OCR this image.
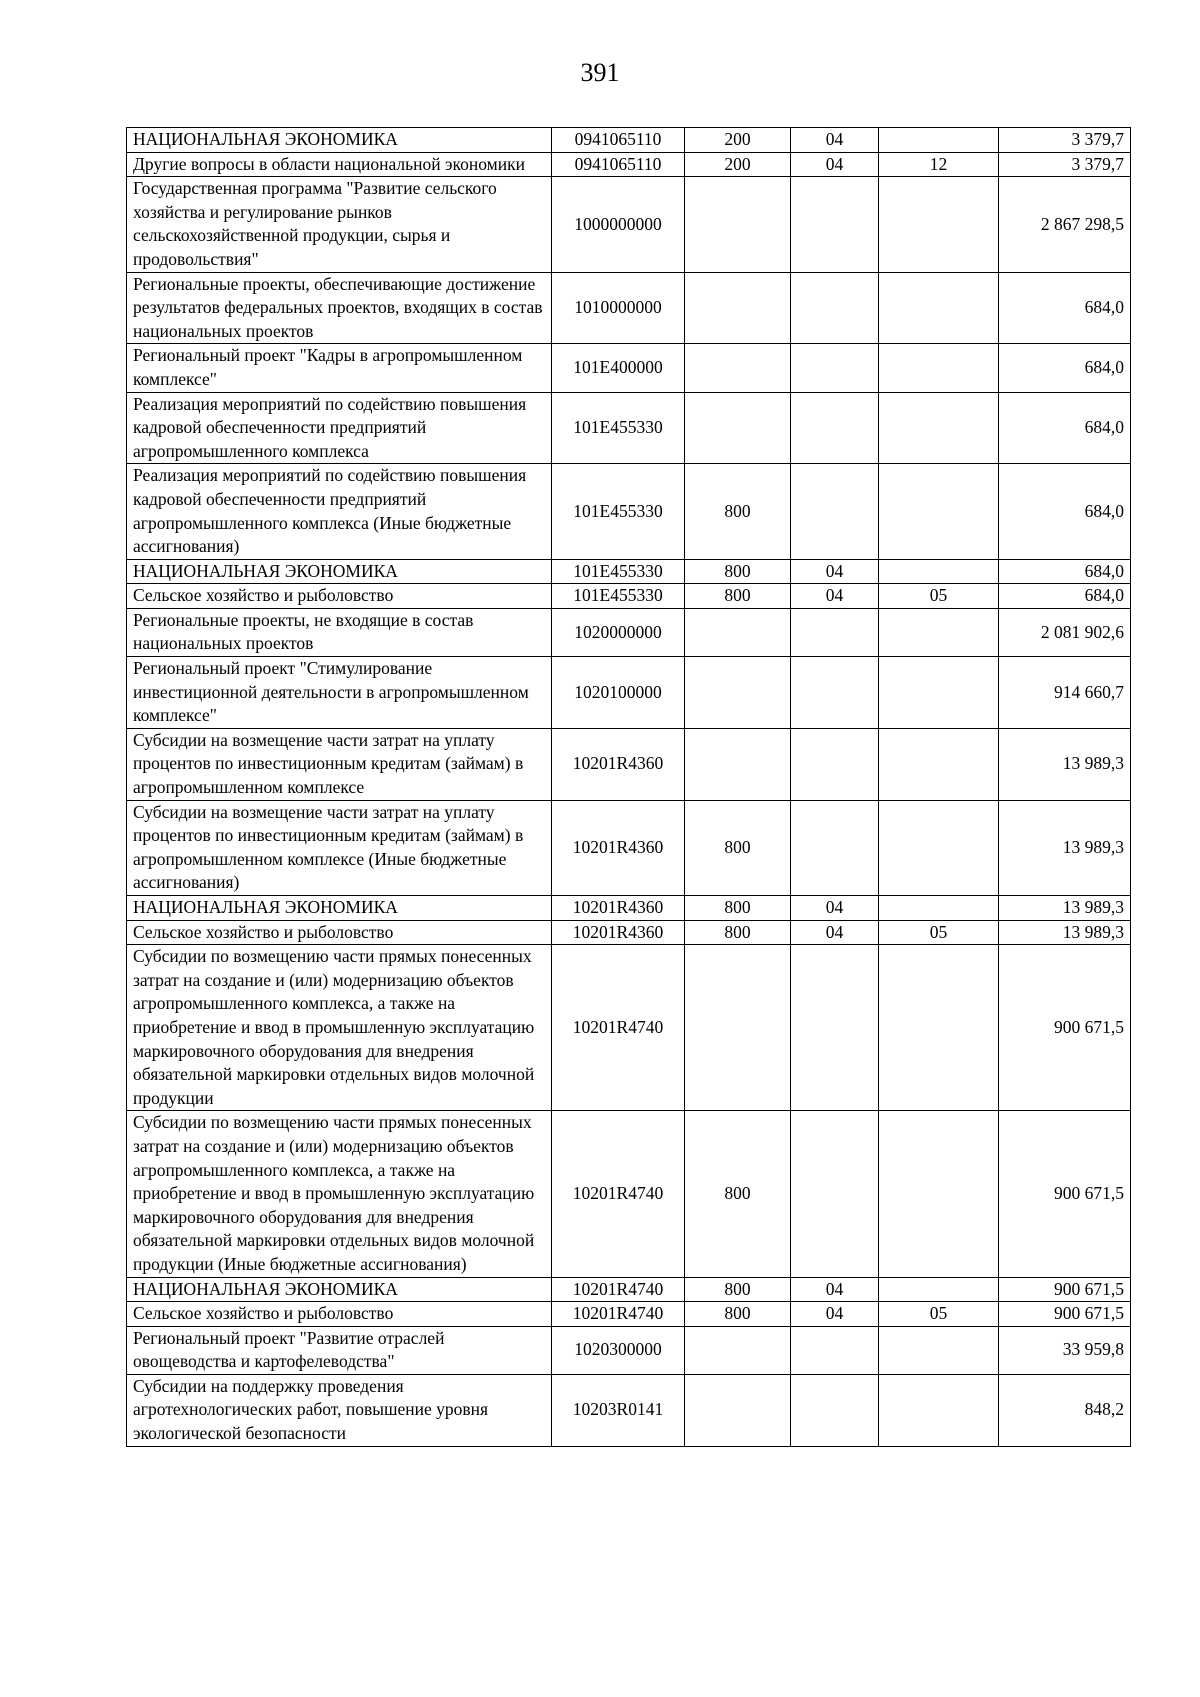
391
НАЦИОНАЛЬНАЯ ЭКОНОМИКА	0941065110	200	04		3 379,7
Другие вопросы в области национальной экономики	0941065110	200	04	12	3 379,7
Государственная программа "Развитие сельского хозяйства и регулирование рынков сельскохозяйственной продукции, сырья и продовольствия"	1000000000				2 867 298,5
Региональные проекты, обеспечивающие достижение результатов федеральных проектов, входящих в состав национальных проектов	1010000000				684,0
Региональный проект "Кадры в агропромышленном комплексе"	101E400000				684,0
Реализация мероприятий по содействию повышения кадровой обеспеченности предприятий агропромышленного комплекса	101E455330				684,0
Реализация мероприятий по содействию повышения кадровой обеспеченности предприятий агропромышленного комплекса (Иные бюджетные ассигнования)	101E455330	800			684,0
НАЦИОНАЛЬНАЯ ЭКОНОМИКА	101E455330	800	04		684,0
Сельское хозяйство и рыболовство	101E455330	800	04	05	684,0
Региональные проекты, не входящие в состав национальных проектов	1020000000				2 081 902,6
Региональный проект "Стимулирование инвестиционной деятельности в агропромышленном комплексе"	1020100000				914 660,7
Субсидии на возмещение части затрат на уплату процентов по инвестиционным кредитам (займам) в агропромышленном комплексе	10201R4360				13 989,3
Субсидии на возмещение части затрат на уплату процентов по инвестиционным кредитам (займам) в агропромышленном комплексе (Иные бюджетные ассигнования)	10201R4360	800			13 989,3
НАЦИОНАЛЬНАЯ ЭКОНОМИКА	10201R4360	800	04		13 989,3
Сельское хозяйство и рыболовство	10201R4360	800	04	05	13 989,3
Субсидии по возмещению части прямых понесенных затрат на создание и (или) модернизацию объектов агропромышленного комплекса, а также на приобретение и ввод в промышленную эксплуатацию маркировочного оборудования для внедрения обязательной маркировки отдельных видов молочной продукции	10201R4740				900 671,5
Субсидии по возмещению части прямых понесенных затрат на создание и (или) модернизацию объектов агропромышленного комплекса, а также на приобретение и ввод в промышленную эксплуатацию маркировочного оборудования для внедрения обязательной маркировки отдельных видов молочной продукции (Иные бюджетные ассигнования)	10201R4740	800			900 671,5
НАЦИОНАЛЬНАЯ ЭКОНОМИКА	10201R4740	800	04		900 671,5
Сельское хозяйство и рыболовство	10201R4740	800	04	05	900 671,5
Региональный проект "Развитие отраслей овощеводства и картофелеводства"	1020300000				33 959,8
Субсидии на поддержку проведения агротехнологических работ, повышение уровня экологической безопасности	10203R0141				848,2
